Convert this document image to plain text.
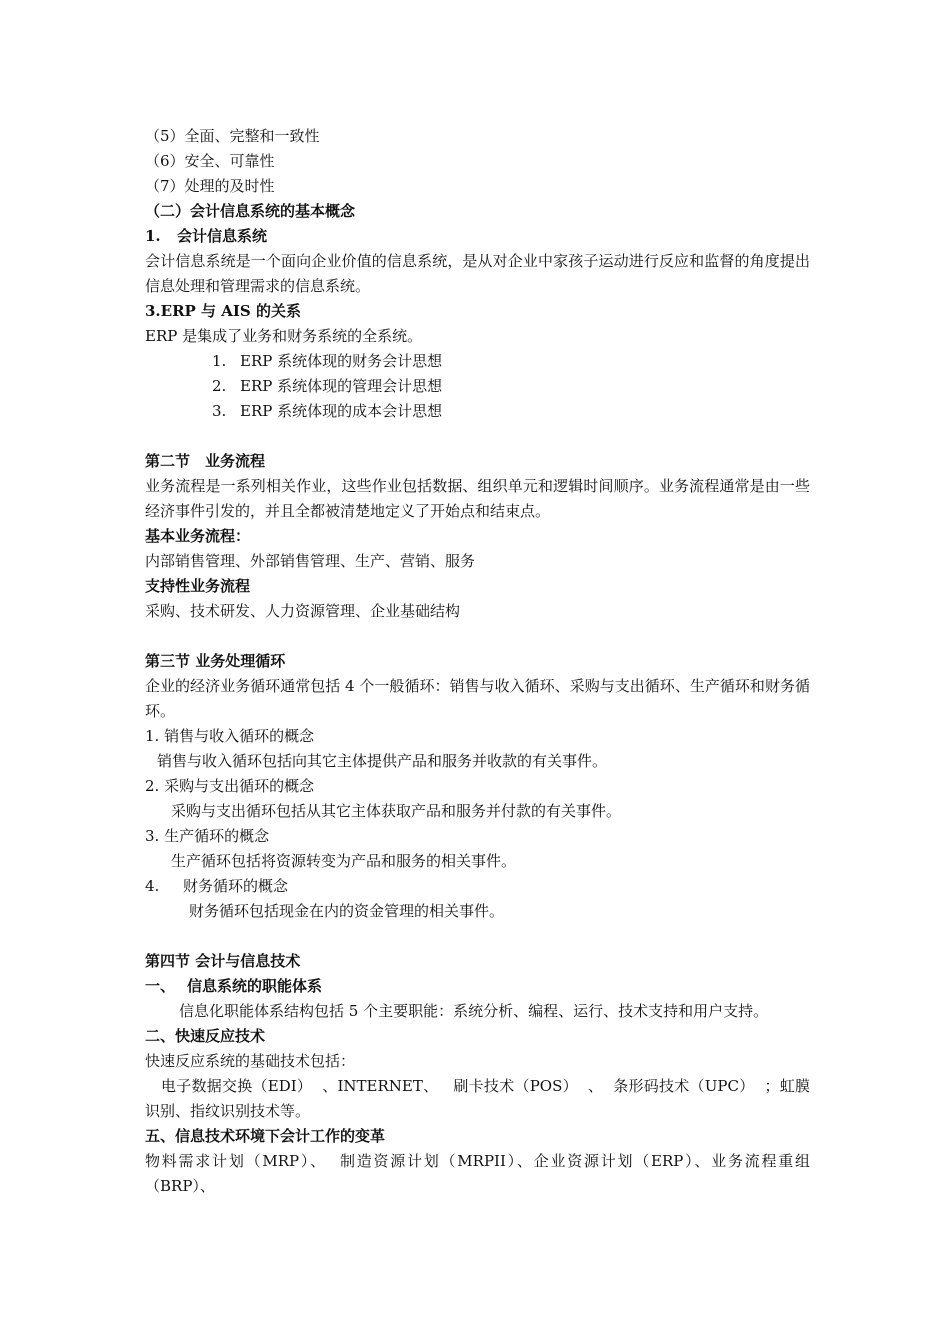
（5）全面、完整和一致性
（6）安全、可靠性
（7）处理的及时性
（二）会计信息系统的基本概念
1. 会计信息系统
会计信息系统是一个面向企业价值的信息系统，是从对企业中家孩子运动进行反应和监督的角度提出信息处理和管理需求的信息系统。
3.ERP 与 AIS 的关系
ERP 是集成了业务和财务系统的全系统。
1. ERP 系统体现的财务会计思想
2. ERP 系统体现的管理会计思想
3. ERP 系统体现的成本会计思想
第二节　业务流程
业务流程是一系列相关作业，这些作业包括数据、组织单元和逻辑时间顺序。业务流程通常是由一些经济事件引发的，并且全都被清楚地定义了开始点和结束点。
基本业务流程：
内部销售管理、外部销售管理、生产、营销、服务
支持性业务流程
采购、技术研发、人力资源管理、企业基础结构
第三节 业务处理循环
企业的经济业务循环通常包括 4 个一般循环：销售与收入循环、采购与支出循环、生产循环和财务循环。
1. 销售与收入循环的概念
销售与收入循环包括向其它主体提供产品和服务并收款的有关事件。
2. 采购与支出循环的概念
采购与支出循环包括从其它主体获取产品和服务并付款的有关事件。
3. 生产循环的概念
生产循环包括将资源转变为产品和服务的相关事件。
4. 财务循环的概念
财务循环包括现金在内的资金管理的相关事件。
第四节 会计与信息技术
一、 信息系统的职能体系
信息化职能体系结构包括 5 个主要职能：系统分析、编程、运行、技术支持和用户支持。
二、快速反应技术
快速反应系统的基础技术包括：
电子数据交换（EDI）  、INTERNET、   刷卡技术（POS）  、  条形码技术（UPC）  ；虹膜识别、指纹识别技术等。
五、信息技术环境下会计工作的变革
物料需求计划（MRP）、  制造资源计划（MRPII）、企业资源计划（ERP）、业务流程重组（BRP）、
